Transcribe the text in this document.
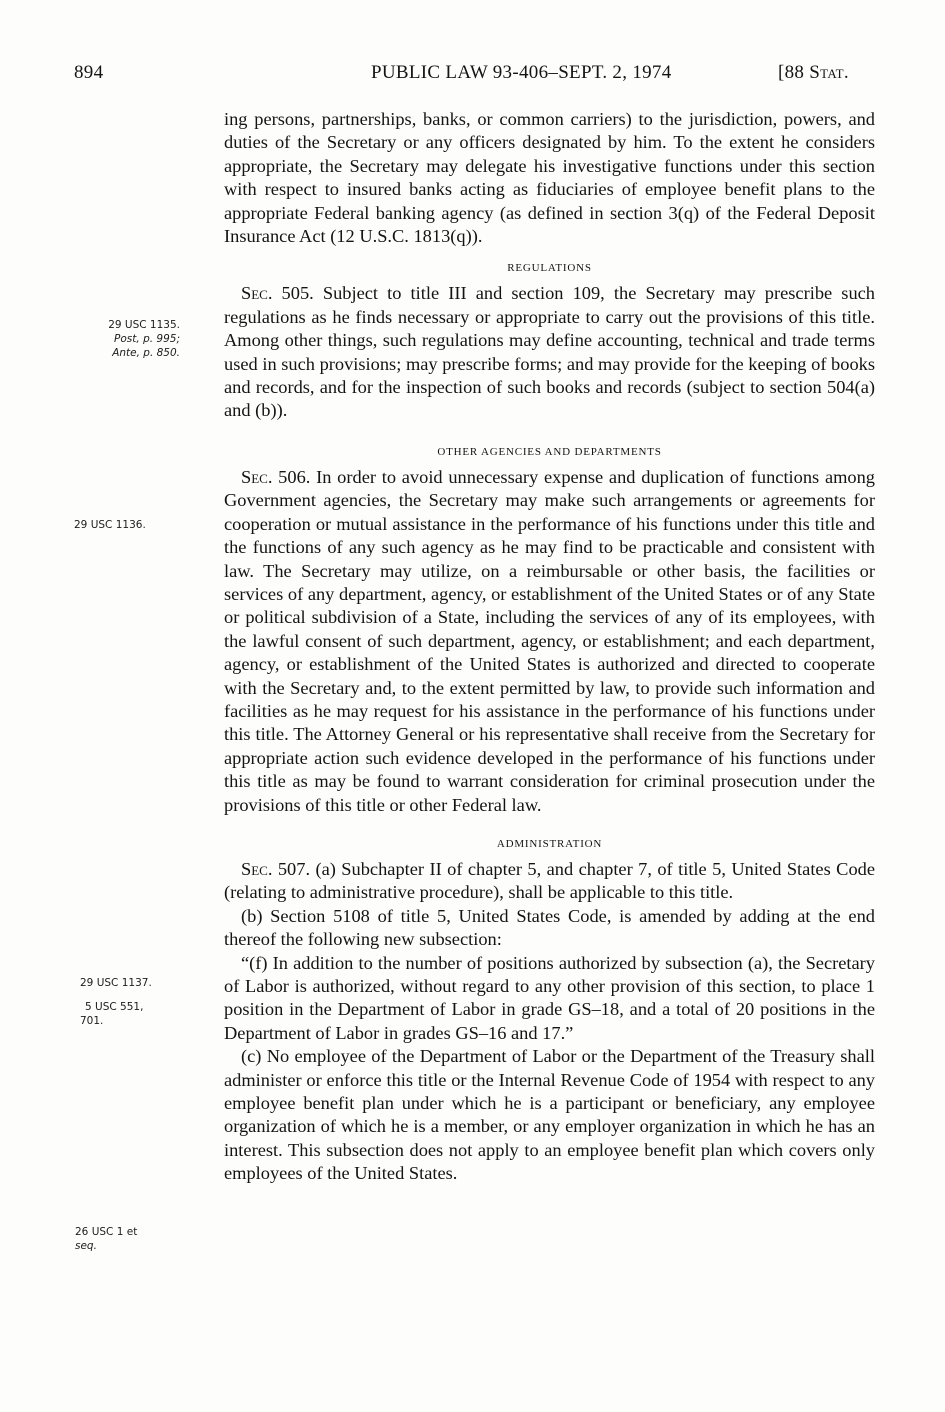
894	PUBLIC LAW 93-406–SEPT. 2, 1974	[88 Stat.
29 USC 1135.
Post, p. 995;
Ante, p. 850.
29 USC 1136.
29 USC 1137.
5 USC 551,
701.
26 USC 1 et
seq.

ing persons, partnerships, banks, or common carriers) to the jurisdiction, powers, and duties of the Secretary or any officers designated by him. To the extent he considers appropriate, the Secretary may delegate his investigative functions under this section with respect to insured banks acting as fiduciaries of employee benefit plans to the appropriate Federal banking agency (as defined in section 3(q) of the Federal Deposit Insurance Act (12 U.S.C. 1813(q)).

REGULATIONS

Sec. 505. Subject to title III and section 109, the Secretary may prescribe such regulations as he finds necessary or appropriate to carry out the provisions of this title. Among other things, such regulations may define accounting, technical and trade terms used in such provisions; may prescribe forms; and may provide for the keeping of books and records, and for the inspection of such books and records (subject to section 504(a) and (b)).

OTHER AGENCIES AND DEPARTMENTS

Sec. 506. In order to avoid unnecessary expense and duplication of functions among Government agencies, the Secretary may make such arrangements or agreements for cooperation or mutual assistance in the performance of his functions under this title and the functions of any such agency as he may find to be practicable and consistent with law. The Secretary may utilize, on a reimbursable or other basis, the facilities or services of any department, agency, or establishment of the United States or of any State or political subdivision of a State, including the services of any of its employees, with the lawful consent of such department, agency, or establishment; and each department, agency, or establishment of the United States is authorized and directed to cooperate with the Secretary and, to the extent permitted by law, to provide such information and facilities as he may request for his assistance in the performance of his functions under this title. The Attorney General or his representative shall receive from the Secretary for appropriate action such evidence developed in the performance of his functions under this title as may be found to warrant consideration for criminal prosecution under the provisions of this title or other Federal law.

ADMINISTRATION

Sec. 507. (a) Subchapter II of chapter 5, and chapter 7, of title 5, United States Code (relating to administrative procedure), shall be applicable to this title.

(b) Section 5108 of title 5, United States Code, is amended by adding at the end thereof the following new subsection:

“(f) In addition to the number of positions authorized by subsection (a), the Secretary of Labor is authorized, without regard to any other provision of this section, to place 1 position in the Department of Labor in grade GS–18, and a total of 20 positions in the Department of Labor in grades GS–16 and 17.”

(c) No employee of the Department of Labor or the Department of the Treasury shall administer or enforce this title or the Internal Revenue Code of 1954 with respect to any employee benefit plan under which he is a participant or beneficiary, any employee organization of which he is a member, or any employer organization in which he has an interest. This subsection does not apply to an employee benefit plan which covers only employees of the United States.
